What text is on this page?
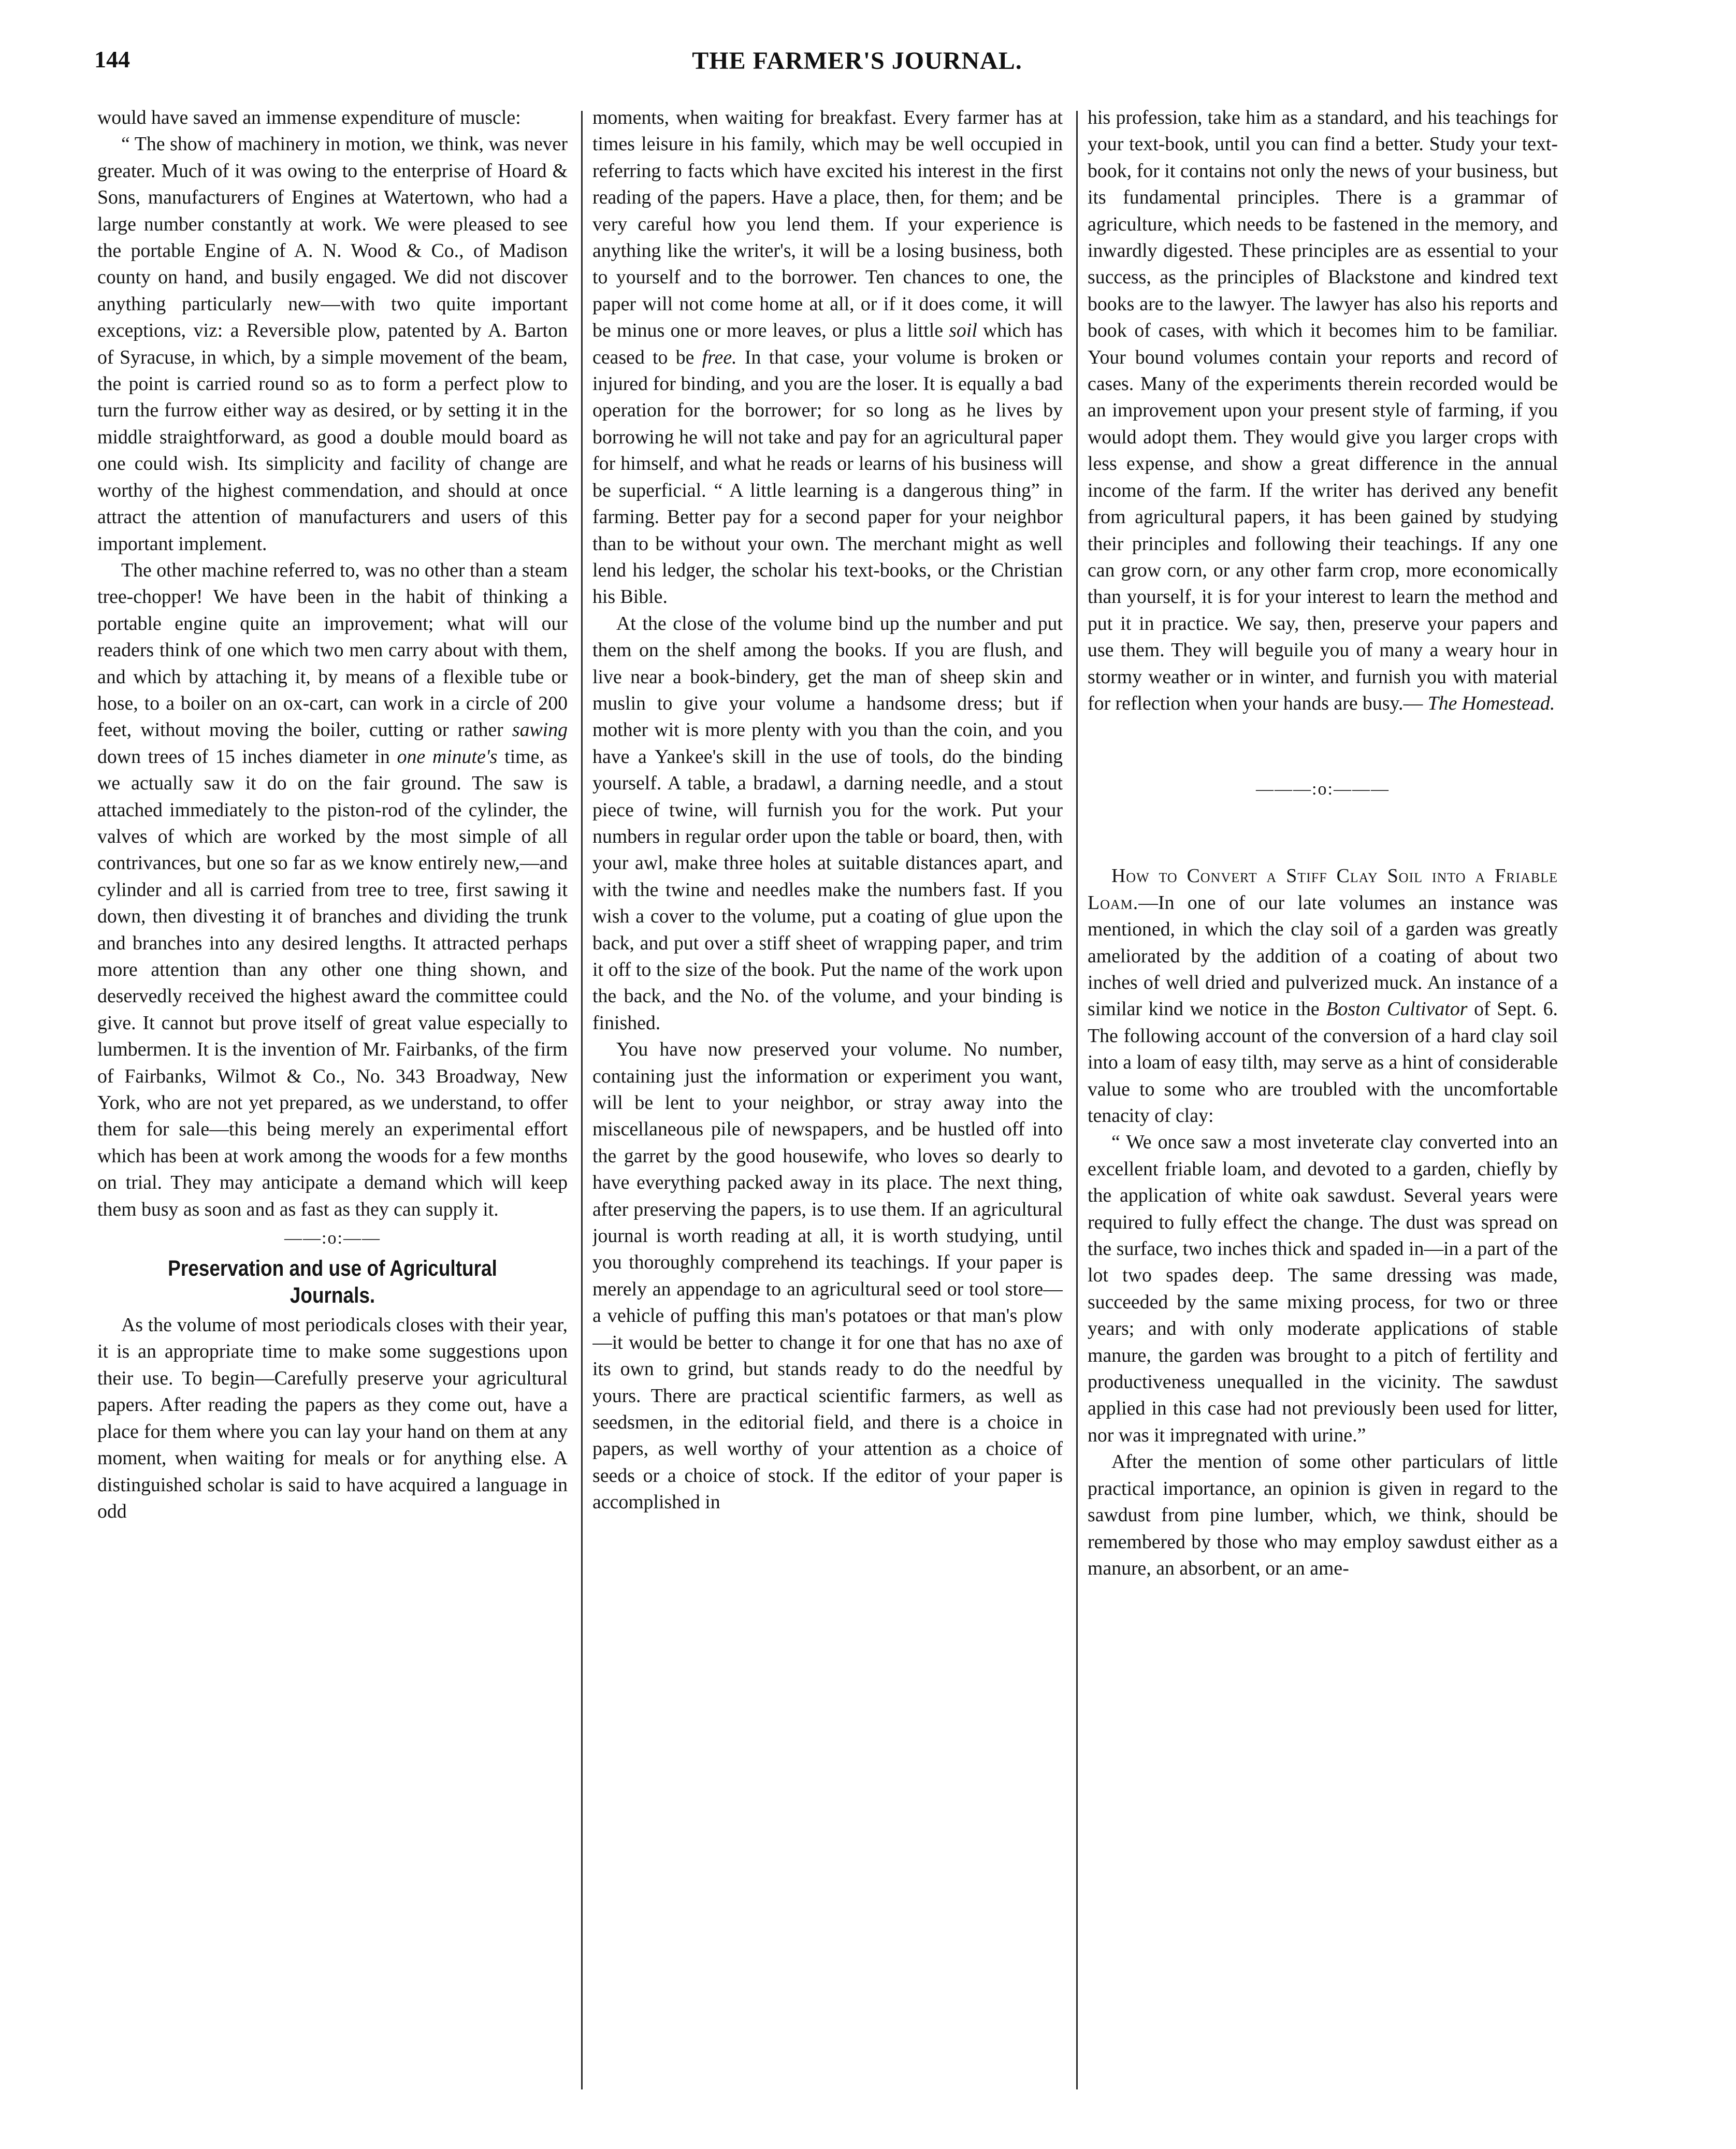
144	THE FARMER'S JOURNAL.

would have saved an immense expenditure of muscle:

“ The show of machinery in motion, we think, was never greater. Much of it was owing to the enterprise of Hoard & Sons, manufacturers of Engines at Watertown, who had a large number constantly at work. We were pleased to see the portable Engine of A. N. Wood & Co., of Madison county on hand, and busily engaged. We did not discover anything particularly new—with two quite important exceptions, viz: a Reversible plow, patented by A. Barton of Syracuse, in which, by a simple movement of the beam, the point is carried round so as to form a perfect plow to turn the furrow either way as desired, or by setting it in the middle straightforward, as good a double mould board as one could wish. Its simplicity and facility of change are worthy of the highest commendation, and should at once attract the attention of manufacturers and users of this important implement.

The other machine referred to, was no other than a steam tree-chopper! We have been in the habit of thinking a portable engine quite an improvement; what will our readers think of one which two men carry about with them, and which by attaching it, by means of a flexible tube or hose, to a boiler on an ox-cart, can work in a circle of 200 feet, without moving the boiler, cutting or rather sawing down trees of 15 inches diameter in one minute's time, as we actually saw it do on the fair ground. The saw is attached immediately to the piston-rod of the cylinder, the valves of which are worked by the most simple of all contrivances, but one so far as we know entirely new,—and cylinder and all is carried from tree to tree, first sawing it down, then divesting it of branches and dividing the trunk and branches into any desired lengths. It attracted perhaps more attention than any other one thing shown, and deservedly received the highest award the committee could give. It cannot but prove itself of great value especially to lumbermen. It is the invention of Mr. Fairbanks, of the firm of Fairbanks, Wilmot & Co., No. 343 Broadway, New York, who are not yet prepared, as we understand, to offer them for sale—this being merely an experimental effort which has been at work among the woods for a few months on trial. They may anticipate a demand which will keep them busy as soon and as fast as they can supply it.

——:o:——
Preservation and use of Agricultural Journals.

As the volume of most periodicals closes with their year, it is an appropriate time to make some suggestions upon their use. To begin—Carefully preserve your agricultural papers. After reading the papers as they come out, have a place for them where you can lay your hand on them at any moment, when waiting for meals or for anything else. A distinguished scholar is said to have acquired a language in odd

moments, when waiting for breakfast. Every farmer has at times leisure in his family, which may be well occupied in referring to facts which have excited his interest in the first reading of the papers. Have a place, then, for them; and be very careful how you lend them. If your experience is anything like the writer's, it will be a losing business, both to yourself and to the borrower. Ten chances to one, the paper will not come home at all, or if it does come, it will be minus one or more leaves, or plus a little soil which has ceased to be free. In that case, your volume is broken or injured for binding, and you are the loser. It is equally a bad operation for the borrower; for so long as he lives by borrowing he will not take and pay for an agricultural paper for himself, and what he reads or learns of his business will be superficial. “ A little learning is a dangerous thing” in farming. Better pay for a second paper for your neighbor than to be without your own. The merchant might as well lend his ledger, the scholar his text-books, or the Christian his Bible.

At the close of the volume bind up the number and put them on the shelf among the books. If you are flush, and live near a book-bindery, get the man of sheep skin and muslin to give your volume a handsome dress; but if mother wit is more plenty with you than the coin, and you have a Yankee's skill in the use of tools, do the binding yourself. A table, a bradawl, a darning needle, and a stout piece of twine, will furnish you for the work. Put your numbers in regular order upon the table or board, then, with your awl, make three holes at suitable distances apart, and with the twine and needles make the numbers fast. If you wish a cover to the volume, put a coating of glue upon the back, and put over a stiff sheet of wrapping paper, and trim it off to the size of the book. Put the name of the work upon the back, and the No. of the volume, and your binding is finished.

You have now preserved your volume. No number, containing just the information or experiment you want, will be lent to your neighbor, or stray away into the miscellaneous pile of newspapers, and be hustled off into the garret by the good housewife, who loves so dearly to have everything packed away in its place. The next thing, after preserving the papers, is to use them. If an agricultural journal is worth reading at all, it is worth studying, until you thoroughly comprehend its teachings. If your paper is merely an appendage to an agricultural seed or tool store—a vehicle of puffing this man's potatoes or that man's plow—it would be better to change it for one that has no axe of its own to grind, but stands ready to do the needful by yours. There are practical scientific farmers, as well as seedsmen, in the editorial field, and there is a choice in papers, as well worthy of your attention as a choice of seeds or a choice of stock. If the editor of your paper is accomplished in

his profession, take him as a standard, and his teachings for your text-book, until you can find a better. Study your text-book, for it contains not only the news of your business, but its fundamental principles. There is a grammar of agriculture, which needs to be fastened in the memory, and inwardly digested. These principles are as essential to your success, as the principles of Blackstone and kindred text books are to the lawyer. The lawyer has also his reports and book of cases, with which it becomes him to be familiar. Your bound volumes contain your reports and record of cases. Many of the experiments therein recorded would be an improvement upon your present style of farming, if you would adopt them. They would give you larger crops with less expense, and show a great difference in the annual income of the farm. If the writer has derived any benefit from agricultural papers, it has been gained by studying their principles and following their teachings. If any one can grow corn, or any other farm crop, more economically than yourself, it is for your interest to learn the method and put it in practice. We say, then, preserve your papers and use them. They will beguile you of many a weary hour in stormy weather or in winter, and furnish you with material for reflection when your hands are busy.— The Homestead.

———:o:———

How to Convert a Stiff Clay Soil into a Friable Loam.—In one of our late volumes an instance was mentioned, in which the clay soil of a garden was greatly ameliorated by the addition of a coating of about two inches of well dried and pulverized muck. An instance of a similar kind we notice in the Boston Cultivator of Sept. 6. The following account of the conversion of a hard clay soil into a loam of easy tilth, may serve as a hint of considerable value to some who are troubled with the uncomfortable tenacity of clay:

“ We once saw a most inveterate clay converted into an excellent friable loam, and devoted to a garden, chiefly by the application of white oak sawdust. Several years were required to fully effect the change. The dust was spread on the surface, two inches thick and spaded in—in a part of the lot two spades deep. The same dressing was made, succeeded by the same mixing process, for two or three years; and with only moderate applications of stable manure, the garden was brought to a pitch of fertility and productiveness unequalled in the vicinity. The sawdust applied in this case had not previously been used for litter, nor was it impregnated with urine.”

After the mention of some other particulars of little practical importance, an opinion is given in regard to the sawdust from pine lumber, which, we think, should be remembered by those who may employ sawdust either as a manure, an absorbent, or an ame-
